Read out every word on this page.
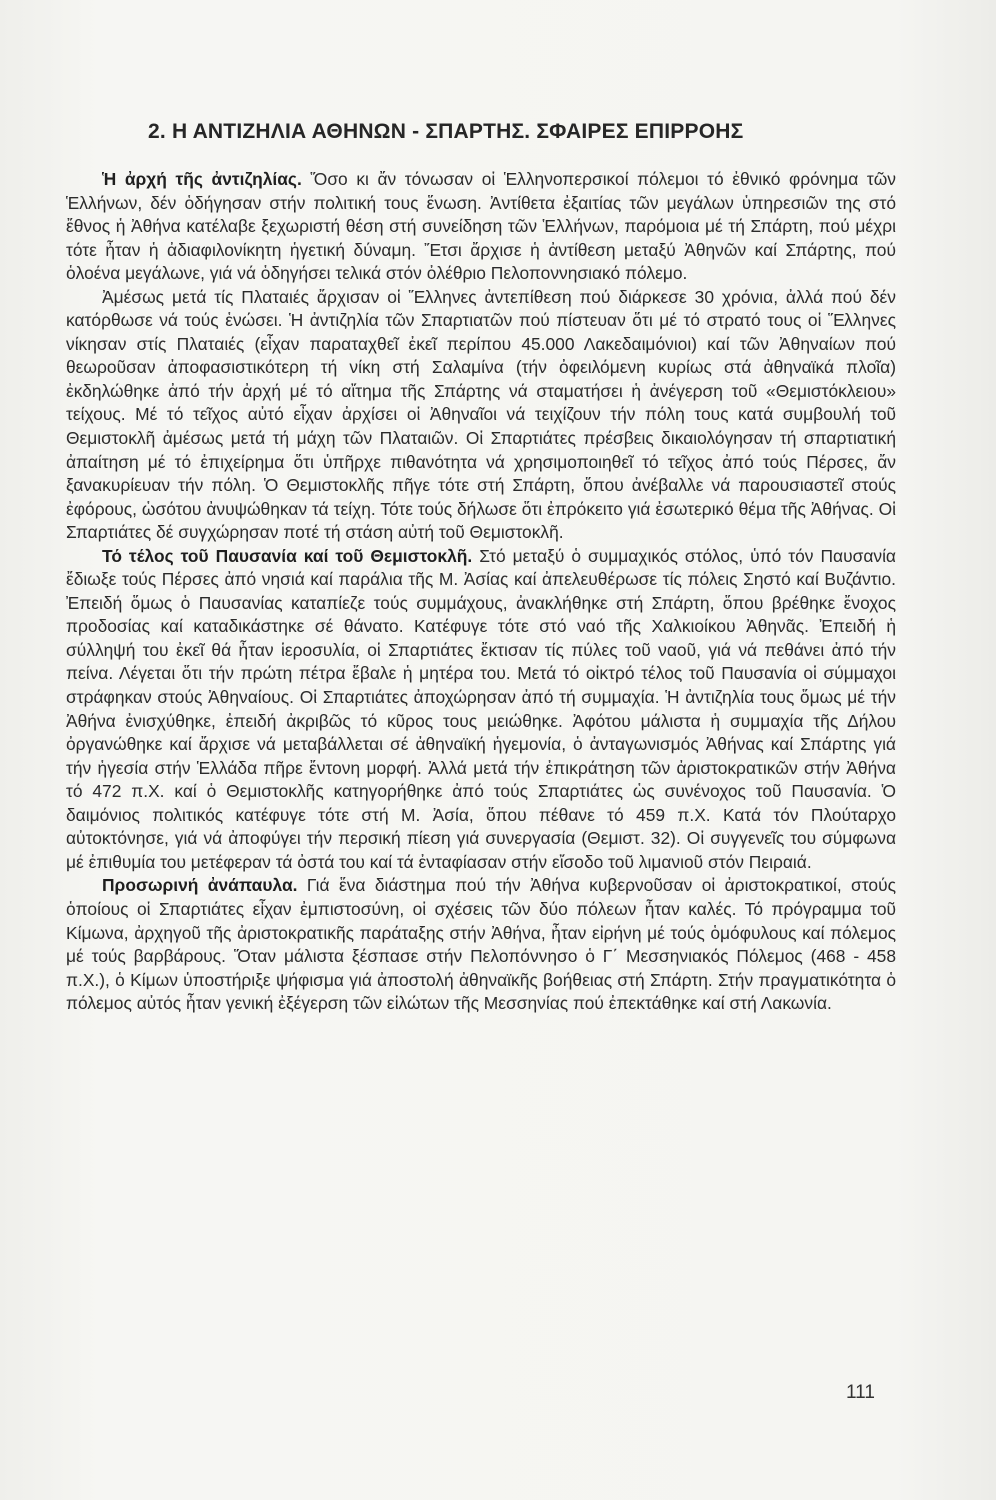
2. Η ΑΝΤΙΖΗΛΙΑ ΑΘΗΝΩΝ - ΣΠΑΡΤΗΣ. ΣΦΑΙΡΕΣ ΕΠΙΡΡΟΗΣ

Ἡ ἀρχή τῆς ἀντιζηλίας. Ὅσο κι ἄν τόνωσαν οἱ Ἑλληνοπερσικοί πόλεμοι τό ἐθνικό φρόνημα τῶν Ἑλλήνων, δέν ὁδήγησαν στήν πολιτική τους ἕνωση. Ἀντίθετα ἐξαιτίας τῶν μεγάλων ὑπηρεσιῶν της στό ἔθνος ἡ Ἀθήνα κατέλαβε ξεχωριστή θέση στή συνείδηση τῶν Ἑλλήνων, παρόμοια μέ τή Σπάρτη, πού μέχρι τότε ἦταν ἡ ἀδιαφιλονίκητη ἡγετική δύναμη. Ἔτσι ἄρχισε ἡ ἀντίθεση μεταξύ Ἀθηνῶν καί Σπάρτης, πού ὁλοένα μεγάλωνε, γιά νά ὁδηγήσει τελικά στόν ὀλέθριο Πελοποννησιακό πόλεμο.

Ἀμέσως μετά τίς Πλαταιές ἄρχισαν οἱ Ἕλληνες ἀντεπίθεση πού διάρκεσε 30 χρόνια, ἀλλά πού δέν κατόρθωσε νά τούς ἑνώσει. Ἡ ἀντιζηλία τῶν Σπαρτιατῶν πού πίστευαν ὅτι μέ τό στρατό τους οἱ Ἕλληνες νίκησαν στίς Πλαταιές (εἶχαν παραταχθεῖ ἐκεῖ περίπου 45.000 Λακεδαιμόνιοι) καί τῶν Ἀθηναίων πού θεωροῦσαν ἀποφασιστικότερη τή νίκη στή Σαλαμίνα (τήν ὀφειλόμενη κυρίως στά ἀθηναϊκά πλοῖα) ἐκδηλώθηκε ἀπό τήν ἀρχή μέ τό αἴτημα τῆς Σπάρτης νά σταματήσει ἡ ἀνέγερση τοῦ «Θεμιστόκλειου» τείχους. Μέ τό τεῖχος αὐτό εἶχαν ἀρχίσει οἱ Ἀθηναῖοι νά τειχίζουν τήν πόλη τους κατά συμβουλή τοῦ Θεμιστοκλῆ ἀμέσως μετά τή μάχη τῶν Πλαταιῶν. Οἱ Σπαρτιάτες πρέσβεις δικαιολόγησαν τή σπαρτιατική ἀπαίτηση μέ τό ἐπιχείρημα ὅτι ὑπῆρχε πιθανότητα νά χρησιμοποιηθεῖ τό τεῖχος ἀπό τούς Πέρσες, ἄν ξανακυρίευαν τήν πόλη. Ὁ Θεμιστοκλῆς πῆγε τότε στή Σπάρτη, ὅπου ἀνέβαλλε νά παρουσιαστεῖ στούς ἐφόρους, ὡσότου ἀνυψώθηκαν τά τείχη. Τότε τούς δήλωσε ὅτι ἐπρόκειτο γιά ἐσωτερικό θέμα τῆς Ἀθήνας. Οἱ Σπαρτιάτες δέ συγχώρησαν ποτέ τή στάση αὐτή τοῦ Θεμιστοκλῆ.

Τό τέλος τοῦ Παυσανία καί τοῦ Θεμιστοκλῆ. Στό μεταξύ ὁ συμμαχικός στόλος, ὑπό τόν Παυσανία ἔδιωξε τούς Πέρσες ἀπό νησιά καί παράλια τῆς Μ. Ἀσίας καί ἀπελευθέρωσε τίς πόλεις Σηστό καί Βυζάντιο. Ἐπειδή ὅμως ὁ Παυσανίας καταπίεζε τούς συμμάχους, ἀνακλήθηκε στή Σπάρτη, ὅπου βρέθηκε ἔνοχος προδοσίας καί καταδικάστηκε σέ θάνατο. Κατέφυγε τότε στό ναό τῆς Χαλκιοίκου Ἀθηνᾶς. Ἐπειδή ἡ σύλληψή του ἐκεῖ θά ἦταν ἱεροσυλία, οἱ Σπαρτιάτες ἔκτισαν τίς πύλες τοῦ ναοῦ, γιά νά πεθάνει ἀπό τήν πείνα. Λέγεται ὅτι τήν πρώτη πέτρα ἔβαλε ἡ μητέρα του. Μετά τό οἰκτρό τέλος τοῦ Παυσανία οἱ σύμμαχοι στράφηκαν στούς Ἀθηναίους. Οἱ Σπαρτιάτες ἀποχώρησαν ἀπό τή συμμαχία. Ἡ ἀντιζηλία τους ὅμως μέ τήν Ἀθήνα ἐνισχύθηκε, ἐπειδή ἀκριβῶς τό κῦρος τους μειώθηκε. Ἀφότου μάλιστα ἡ συμμαχία τῆς Δήλου ὀργανώθηκε καί ἄρχισε νά μεταβάλλεται σέ ἀθηναϊκή ἡγεμονία, ὁ ἀνταγωνισμός Ἀθήνας καί Σπάρτης γιά τήν ἡγεσία στήν Ἑλλάδα πῆρε ἔντονη μορφή. Ἀλλά μετά τήν ἐπικράτηση τῶν ἀριστοκρατικῶν στήν Ἀθήνα τό 472 π.Χ. καί ὁ Θεμιστοκλῆς κατηγορήθηκε ἀπό τούς Σπαρτιάτες ὡς συνένοχος τοῦ Παυσανία. Ὁ δαιμόνιος πολιτικός κατέφυγε τότε στή Μ. Ἀσία, ὅπου πέθανε τό 459 π.Χ. Κατά τόν Πλούταρχο αὐτοκτόνησε, γιά νά ἀποφύγει τήν περσική πίεση γιά συνεργασία (Θεμιστ. 32). Οἱ συγγενεῖς του σύμφωνα μέ ἐπιθυμία του μετέφεραν τά ὀστά του καί τά ἐνταφίασαν στήν εἴσοδο τοῦ λιμανιοῦ στόν Πειραιά.

Προσωρινή ἀνάπαυλα. Γιά ἕνα διάστημα πού τήν Ἀθήνα κυβερνοῦσαν οἱ ἀριστοκρατικοί, στούς ὁποίους οἱ Σπαρτιάτες εἶχαν ἐμπιστοσύνη, οἱ σχέσεις τῶν δύο πόλεων ἦταν καλές. Τό πρόγραμμα τοῦ Κίμωνα, ἀρχηγοῦ τῆς ἀριστοκρατικῆς παράταξης στήν Ἀθήνα, ἦταν εἰρήνη μέ τούς ὁμόφυλους καί πόλεμος μέ τούς βαρβάρους. Ὅταν μάλιστα ξέσπασε στήν Πελοπόννησο ὁ Γ΄ Μεσσηνιακός Πόλεμος (468 - 458 π.Χ.), ὁ Κίμων ὑποστήριξε ψήφισμα γιά ἀποστολή ἀθηναϊκῆς βοήθειας στή Σπάρτη. Στήν πραγματικότητα ὁ πόλεμος αὐτός ἦταν γενική ἐξέγερση τῶν εἱλώτων τῆς Μεσσηνίας πού ἐπεκτάθηκε καί στή Λακωνία.

111
